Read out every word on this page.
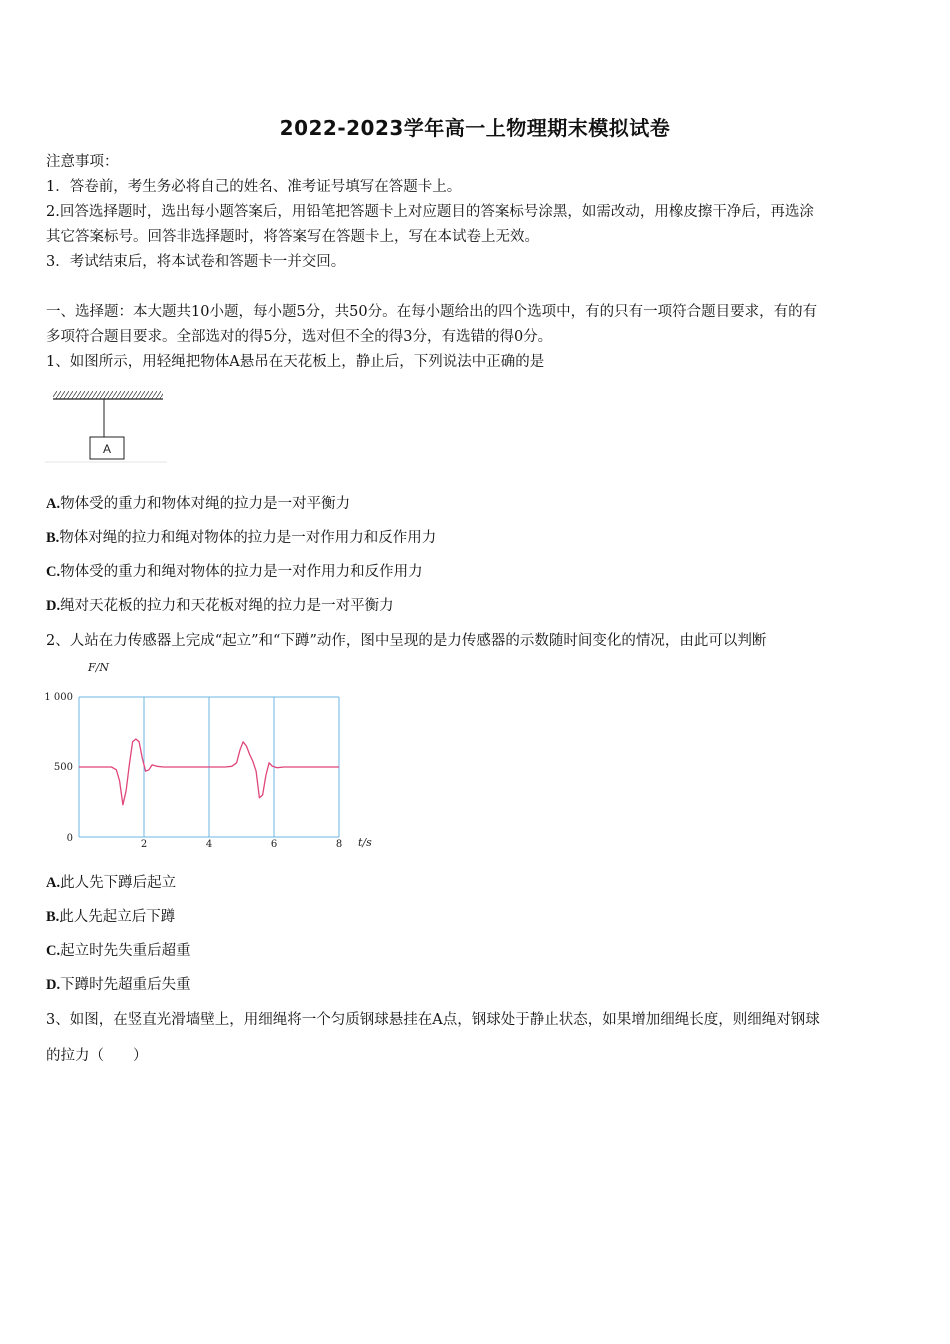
2022-2023学年高一上物理期末模拟试卷
注意事项：
1．答卷前，考生务必将自己的姓名、准考证号填写在答题卡上。
2.回答选择题时，选出每小题答案后，用铅笔把答题卡上对应题目的答案标号涂黑，如需改动，用橡皮擦干净后，再选涂
其它答案标号。回答非选择题时，将答案写在答题卡上，写在本试卷上无效。
3．考试结束后，将本试卷和答题卡一并交回。
一、选择题：本大题共10小题，每小题5分，共50分。在每小题给出的四个选项中，有的只有一项符合题目要求，有的有
多项符合题目要求。全部选对的得5分，选对但不全的得3分，有选错的得0分。
1、如图所示，用轻绳把物体A悬吊在天花板上，静止后，下列说法中正确的是
A
A.物体受的重力和物体对绳的拉力是一对平衡力
B.物体对绳的拉力和绳对物体的拉力是一对作用力和反作用力
C.物体受的重力和绳对物体的拉力是一对作用力和反作用力
D.绳对天花板的拉力和天花板对绳的拉力是一对平衡力
2、人站在力传感器上完成“起立”和“下蹲”动作，图中呈现的是力传感器的示数随时间变化的情况，由此可以判断
2	4	6	8
0
500
1 000
F/N
t/s
A.此人先下蹲后起立
B.此人先起立后下蹲
C.起立时先失重后超重
D.下蹲时先超重后失重
3、如图，在竖直光滑墙壁上，用细绳将一个匀质钢球悬挂在A点，钢球处于静止状态，如果增加细绳长度，则细绳对钢球
的拉力（　　）
